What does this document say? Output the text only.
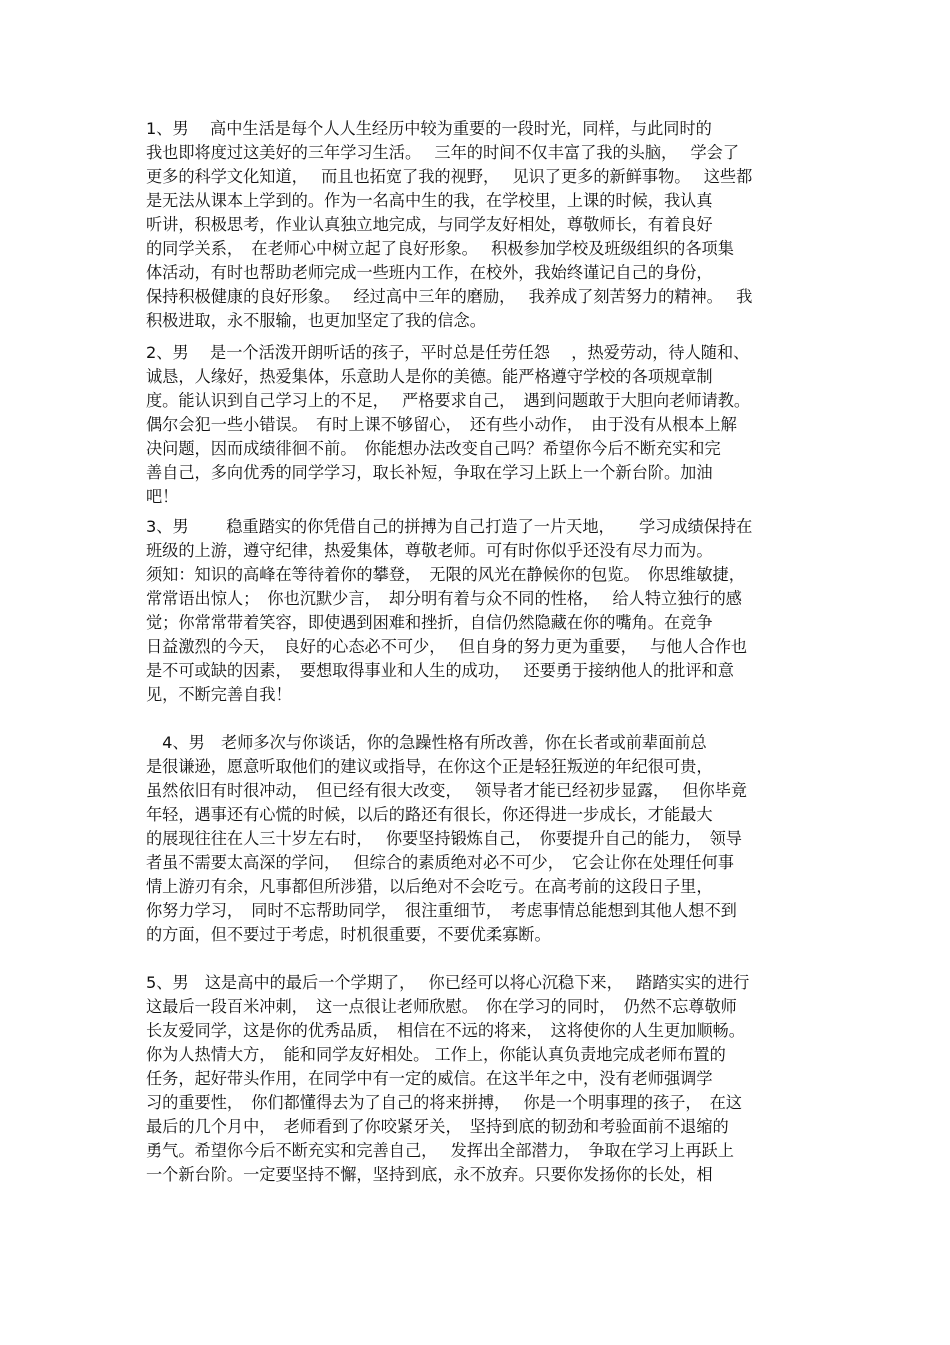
1、男　 高中生活是每个人人生经历中较为重要的一段时光，同样，与此同时的
我也即将度过这美好的三年学习生活。　 三年的时间不仅丰富了我的头脑，　 学会了
更多的科学文化知道，　 而且也拓宽了我的视野，　 见识了更多的新鲜事物。　 这些都
是无法从课本上学到的。作为一名高中生的我，在学校里，上课的时候，我认真
听讲，积极思考，作业认真独立地完成，与同学友好相处，尊敬师长，有着良好
的同学关系，　在老师心中树立起了良好形象。　 积极参加学校及班级组织的各项集
体活动，有时也帮助老师完成一些班内工作，在校外，我始终谨记自己的身份，
保持积极健康的良好形象。　 经过高中三年的磨励，　 我养成了刻苦努力的精神。　 我
积极进取，永不服输，也更加坚定了我的信念。
2、男　 是一个活泼开朗听话的孩子，平时总是任劳任怨　 ，热爱劳动，待人随和、
诚恳，人缘好，热爱集体，乐意助人是你的美德。能严格遵守学校的各项规章制
度。能认识到自己学习上的不足，　 严格要求自己，　遇到问题敢于大胆向老师请教。
偶尔会犯一些小错误。　有时上课不够留心，　还有些小动作，　由于没有从根本上解
决问题，因而成绩徘徊不前。　你能想办法改变自己吗？希望你今后不断充实和完
善自己，多向优秀的同学学习，取长补短，争取在学习上跃上一个新台阶。加油
吧！
3、男　　 稳重踏实的你凭借自己的拼搏为自己打造了一片天地，　　学习成绩保持在
班级的上游，遵守纪律，热爱集体，尊敬老师。可有时你似乎还没有尽力而为。
须知：知识的高峰在等待着你的攀登，　无限的风光在静候你的包览。　你思维敏捷，
常常语出惊人；　你也沉默少言，　却分明有着与众不同的性格，　 给人特立独行的感
觉；你常常带着笑容，即使遇到困难和挫折，自信仍然隐藏在你的嘴角。在竞争
日益激烈的今天，　良好的心态必不可少，　 但自身的努力更为重要，　 与他人合作也
是不可或缺的因素，　要想取得事业和人生的成功，　 还要勇于接纳他人的批评和意
见，不断完善自我！
　4、男　老师多次与你谈话，你的急躁性格有所改善，你在长者或前辈面前总
是很谦逊，愿意听取他们的建议或指导，在你这个正是轻狂叛逆的年纪很可贵，
虽然依旧有时很冲动，　但已经有很大改变，　 领导者才能已经初步显露，　 但你毕竟
年轻，遇事还有心慌的时候，以后的路还有很长，你还得进一步成长，才能最大
的展现往往在人三十岁左右时，　 你要坚持锻炼自己，　你要提升自己的能力，　领导
者虽不需要太高深的学问，　 但综合的素质绝对必不可少，　它会让你在处理任何事
情上游刃有余，凡事都但所涉猎，以后绝对不会吃亏。在高考前的这段日子里，
你努力学习，　同时不忘帮助同学，　很注重细节，　考虑事情总能想到其他人想不到
的方面，但不要过于考虑，时机很重要，不要优柔寡断。
5、男　这是高中的最后一个学期了，　 你已经可以将心沉稳下来，　 踏踏实实的进行
这最后一段百米冲刺，　这一点很让老师欣慰。　你在学习的同时，　仍然不忘尊敬师
长友爱同学，这是你的优秀品质，　相信在不远的将来，　这将使你的人生更加顺畅。
你为人热情大方，　能和同学友好相处。 工作上，你能认真负责地完成老师布置的
任务，起好带头作用，在同学中有一定的威信。在这半年之中，没有老师强调学
习的重要性，　你们都懂得去为了自己的将来拼搏，　 你是一个明事理的孩子，　在这
最后的几个月中，　老师看到了你咬紧牙关，　坚持到底的韧劲和考验面前不退缩的
勇气。希望你今后不断充实和完善自己，　 发挥出全部潜力，　争取在学习上再跃上
一个新台阶。一定要坚持不懈，坚持到底，永不放弃。只要你发扬你的长处，相
